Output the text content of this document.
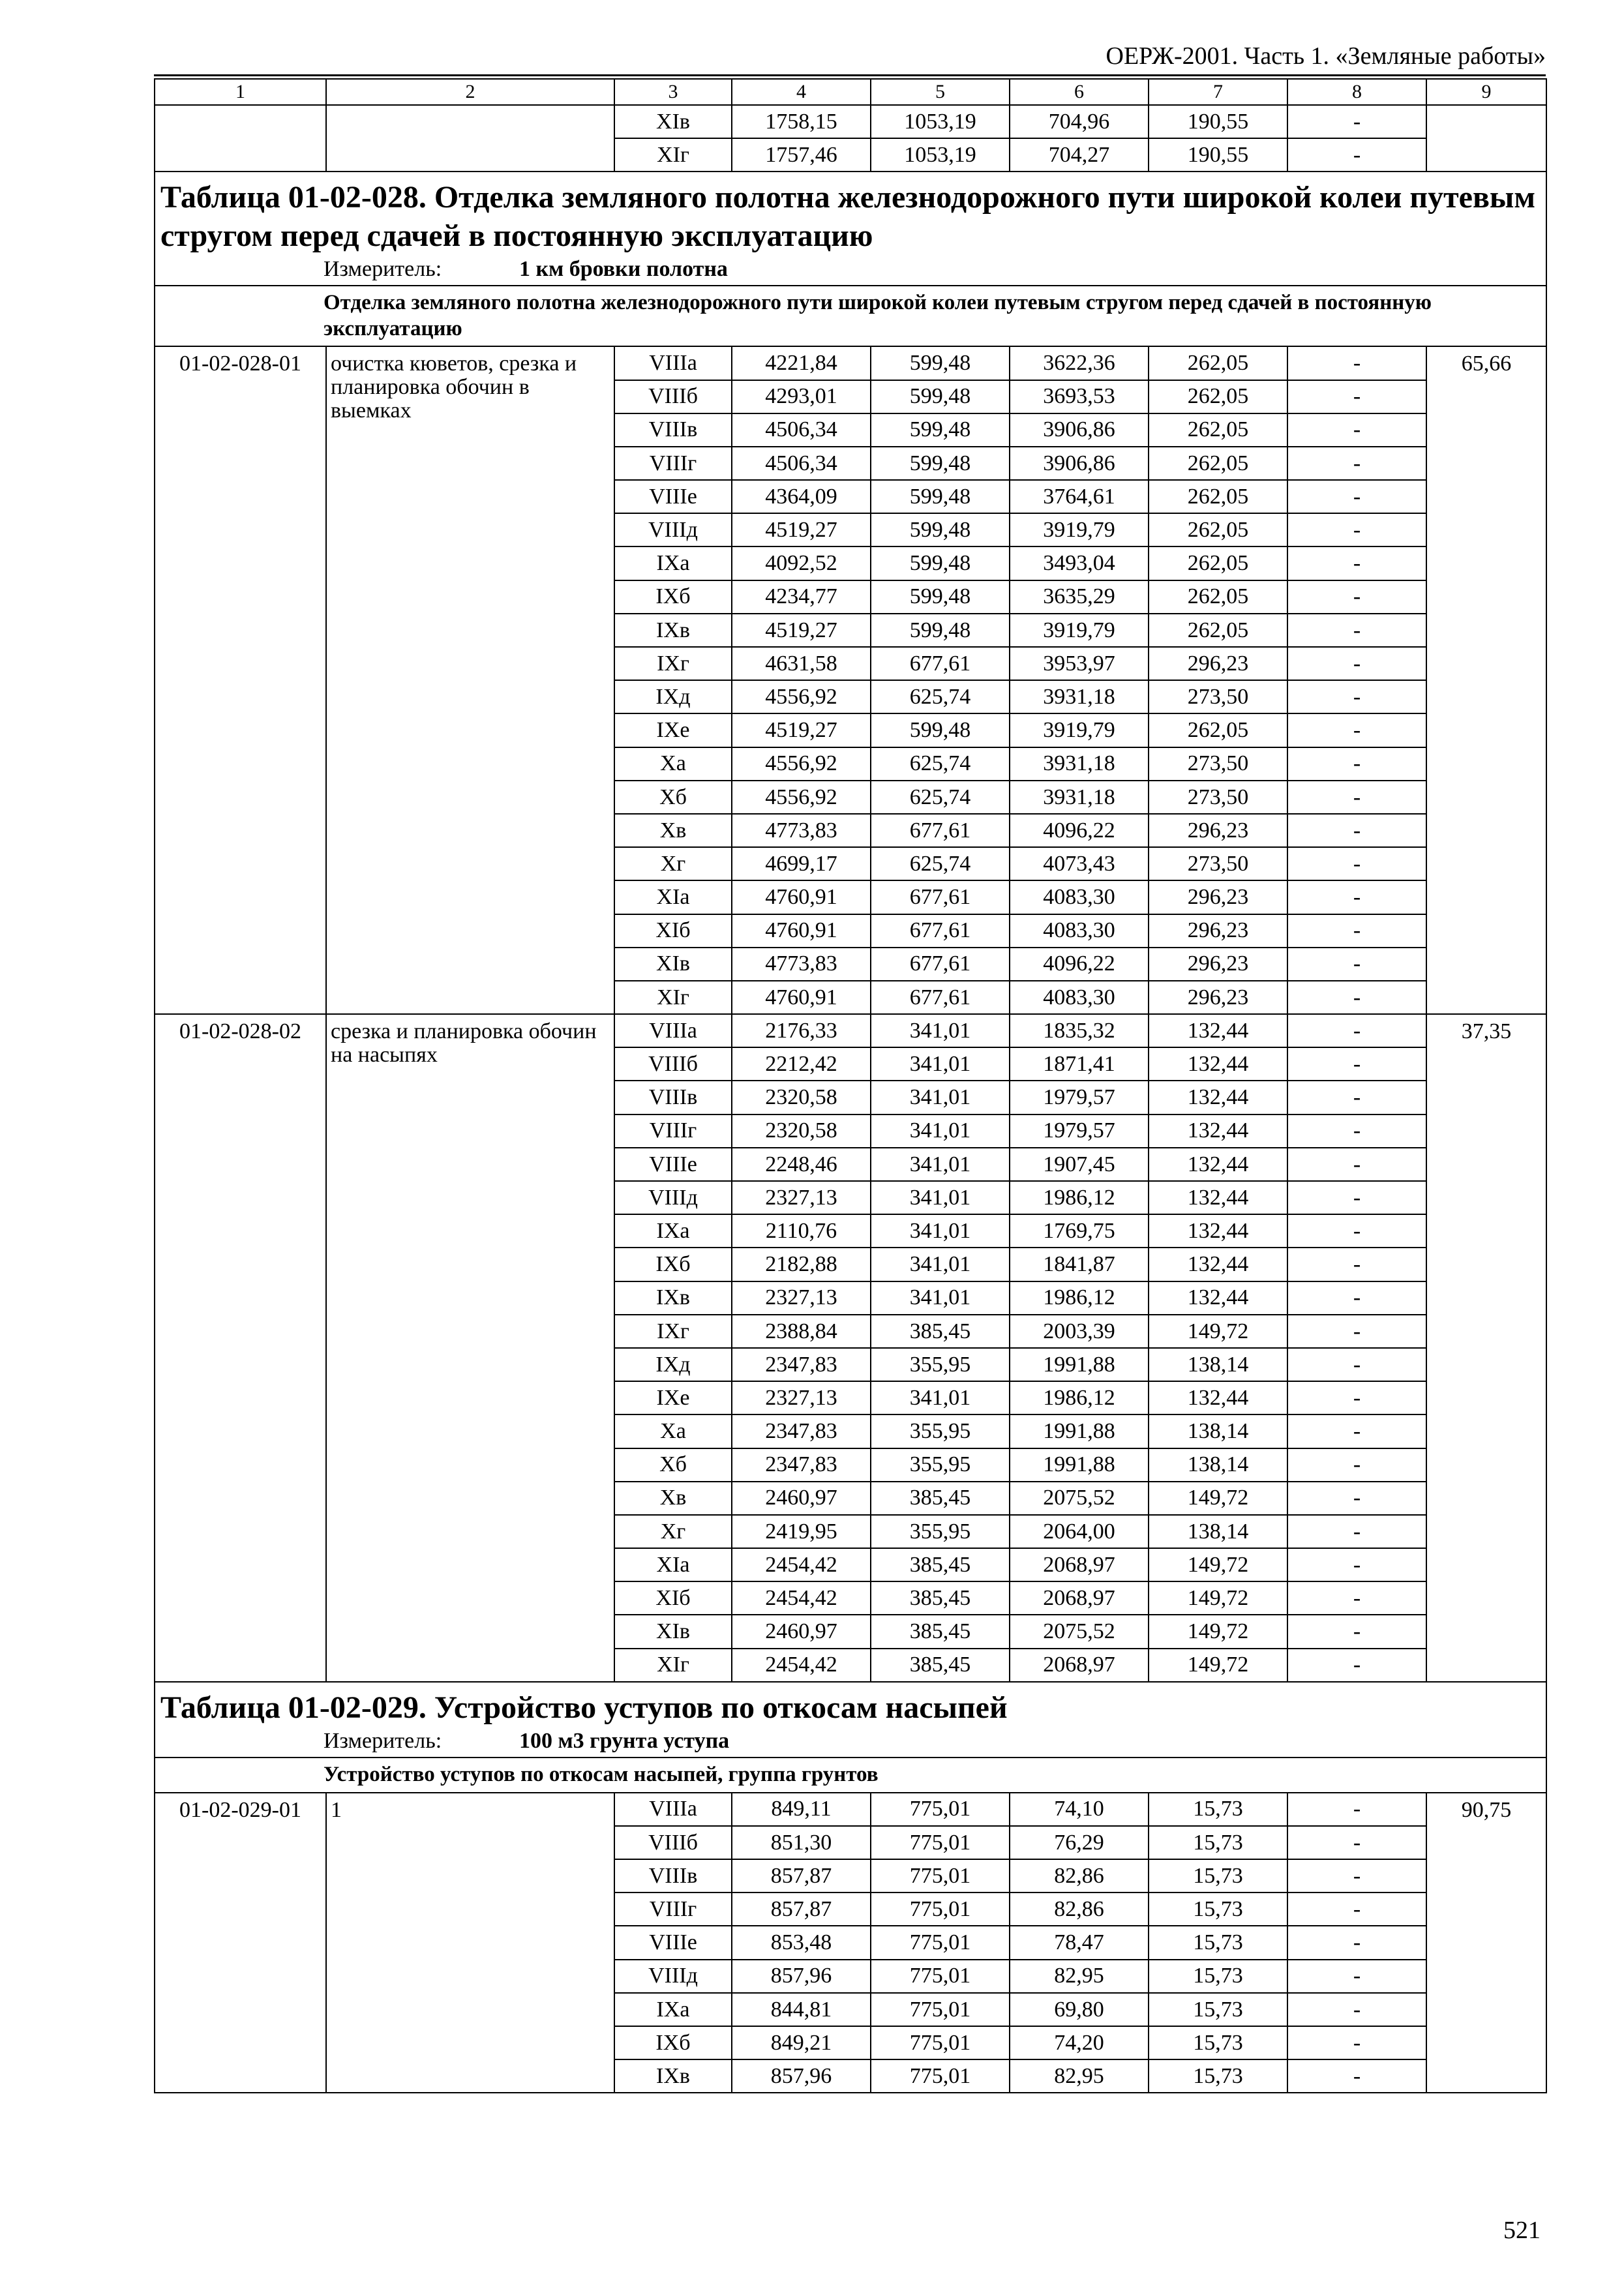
ОЕРЖ-2001. Часть 1. «Земляные работы»
1	2	3	4	5	6	7	8	9
		XIв	1758,15	1053,19	704,96	190,55	-	
		XIг	1757,46	1053,19	704,27	190,55	-	
Таблица 01-02-028. Отделка земляного полотна железнодорожного пути широкой колеи путевым стругом перед сдачей в постоянную эксплуатацию								
Измеритель: 1 км бровки полотна								
Отделка земляного полотна железнодорожного пути широкой колеи путевым стругом перед сдачей в постоянную эксплуатацию								
01-02-028-01	очистка кюветов, срезка и планировка обочин в выемках	VIIIа	4221,84	599,48	3622,36	262,05	-	65,66
		VIIIб	4293,01	599,48	3693,53	262,05	-	
		VIIIв	4506,34	599,48	3906,86	262,05	-	
		VIIIг	4506,34	599,48	3906,86	262,05	-	
		VIIIе	4364,09	599,48	3764,61	262,05	-	
		VIIIд	4519,27	599,48	3919,79	262,05	-	
		IXа	4092,52	599,48	3493,04	262,05	-	
		IXб	4234,77	599,48	3635,29	262,05	-	
		IXв	4519,27	599,48	3919,79	262,05	-	
		IXг	4631,58	677,61	3953,97	296,23	-	
		IXд	4556,92	625,74	3931,18	273,50	-	
		IXе	4519,27	599,48	3919,79	262,05	-	
		Xа	4556,92	625,74	3931,18	273,50	-	
		Xб	4556,92	625,74	3931,18	273,50	-	
		Xв	4773,83	677,61	4096,22	296,23	-	
		Xг	4699,17	625,74	4073,43	273,50	-	
		XIа	4760,91	677,61	4083,30	296,23	-	
		XIб	4760,91	677,61	4083,30	296,23	-	
		XIв	4773,83	677,61	4096,22	296,23	-	
		XIг	4760,91	677,61	4083,30	296,23	-	
01-02-028-02	срезка и планировка обочин на насыпях	VIIIа	2176,33	341,01	1835,32	132,44	-	37,35
		VIIIб	2212,42	341,01	1871,41	132,44	-	
		VIIIв	2320,58	341,01	1979,57	132,44	-	
		VIIIг	2320,58	341,01	1979,57	132,44	-	
		VIIIе	2248,46	341,01	1907,45	132,44	-	
		VIIIд	2327,13	341,01	1986,12	132,44	-	
		IXа	2110,76	341,01	1769,75	132,44	-	
		IXб	2182,88	341,01	1841,87	132,44	-	
		IXв	2327,13	341,01	1986,12	132,44	-	
		IXг	2388,84	385,45	2003,39	149,72	-	
		IXд	2347,83	355,95	1991,88	138,14	-	
		IXе	2327,13	341,01	1986,12	132,44	-	
		Xа	2347,83	355,95	1991,88	138,14	-	
		Xб	2347,83	355,95	1991,88	138,14	-	
		Xв	2460,97	385,45	2075,52	149,72	-	
		Xг	2419,95	355,95	2064,00	138,14	-	
		XIа	2454,42	385,45	2068,97	149,72	-	
		XIб	2454,42	385,45	2068,97	149,72	-	
		XIв	2460,97	385,45	2075,52	149,72	-	
		XIг	2454,42	385,45	2068,97	149,72	-	
Таблица 01-02-029. Устройство уступов по откосам насыпей								
Измеритель: 100 м3 грунта уступа								
Устройство уступов по откосам насыпей, группа грунтов								
01-02-029-01	1	VIIIа	849,11	775,01	74,10	15,73	-	90,75
		VIIIб	851,30	775,01	76,29	15,73	-	
		VIIIв	857,87	775,01	82,86	15,73	-	
		VIIIг	857,87	775,01	82,86	15,73	-	
		VIIIе	853,48	775,01	78,47	15,73	-	
		VIIIд	857,96	775,01	82,95	15,73	-	
		IXа	844,81	775,01	69,80	15,73	-	
		IXб	849,21	775,01	74,20	15,73	-	
		IXв	857,96	775,01	82,95	15,73	-	
521
